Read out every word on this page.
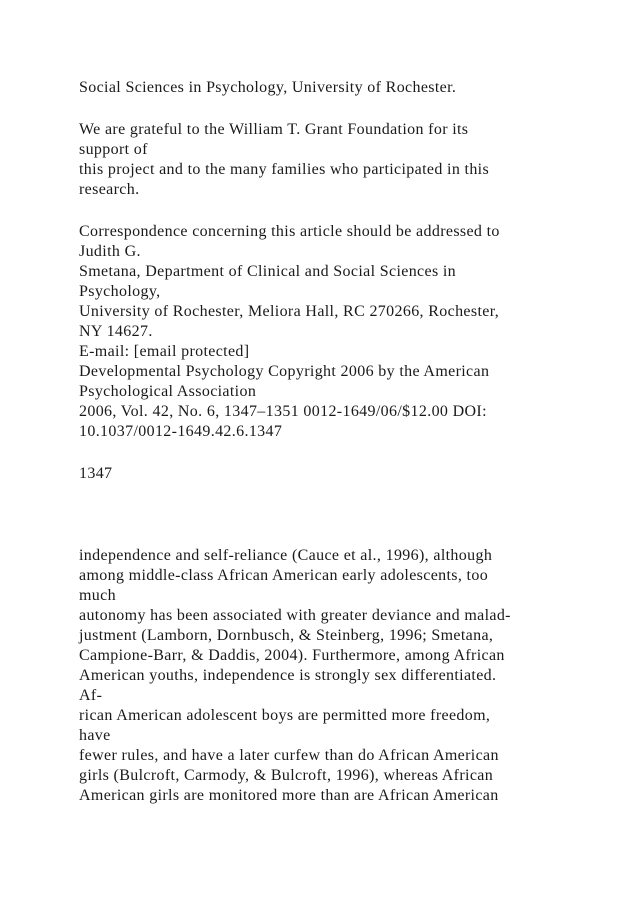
Social Sciences in Psychology, University of Rochester.

We are grateful to the William T. Grant Foundation for its

support of

this project and to the many families who participated in this

research.

Correspondence concerning this article should be addressed to

Judith G.

Smetana, Department of Clinical and Social Sciences in

Psychology,

University of Rochester, Meliora Hall, RC 270266, Rochester,

NY 14627.

E-mail: [email protected]

Developmental Psychology Copyright 2006 by the American

Psychological Association

2006, Vol. 42, No. 6, 1347–1351 0012-1649/06/$12.00 DOI:

10.1037/0012-1649.42.6.1347

1347

independence and self-reliance (Cauce et al., 1996), although

among middle-class African American early adolescents, too

much

autonomy has been associated with greater deviance and malad-

justment (Lamborn, Dornbusch, & Steinberg, 1996; Smetana,

Campione-Barr, & Daddis, 2004). Furthermore, among African

American youths, independence is strongly sex differentiated.

Af-

rican American adolescent boys are permitted more freedom,

have

fewer rules, and have a later curfew than do African American

girls (Bulcroft, Carmody, & Bulcroft, 1996), whereas African

American girls are monitored more than are African American
